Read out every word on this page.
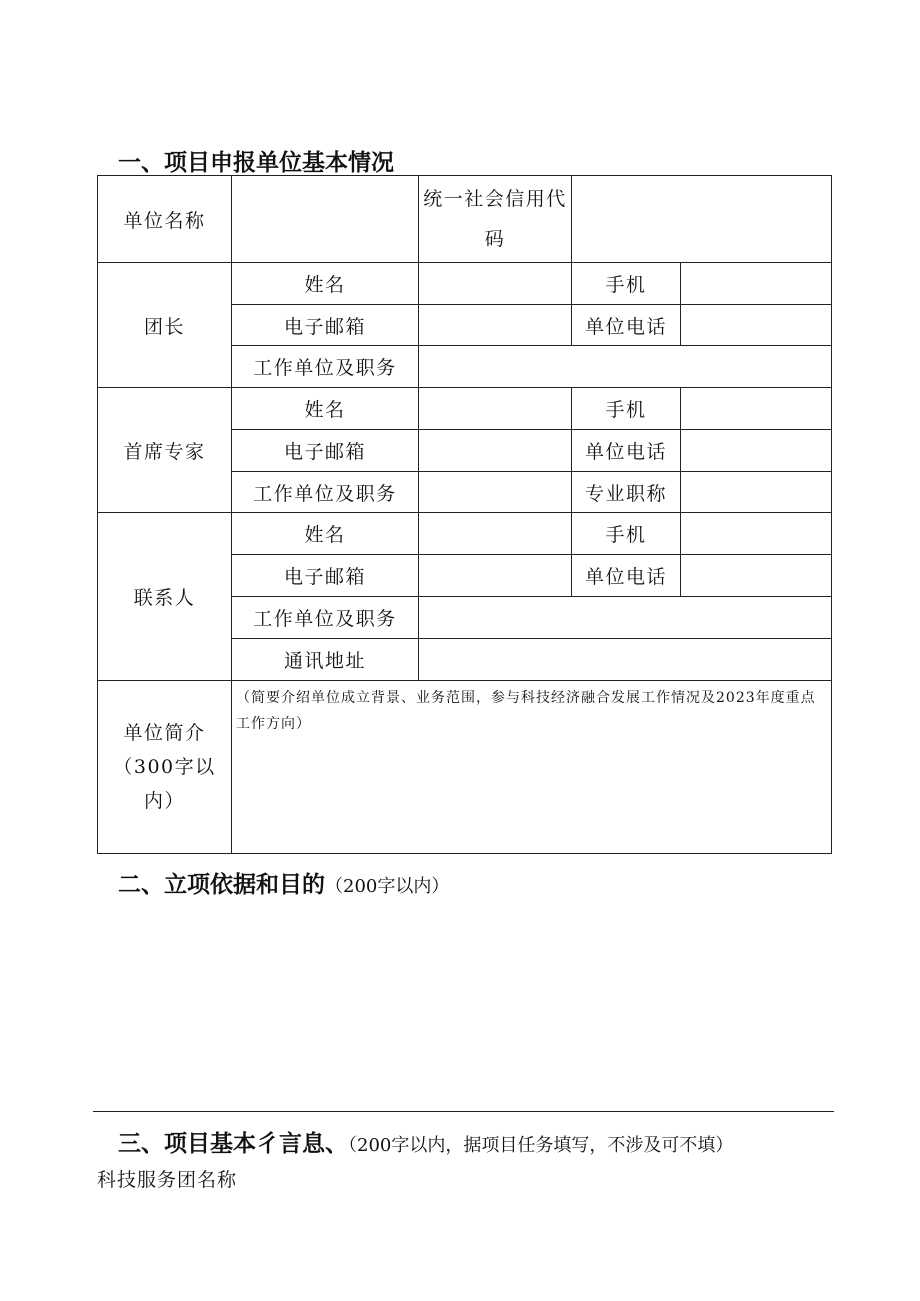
一、项目申报单位基本情况
单位名称		统一社会信用代码		
团长	姓名		手机	
	电子邮箱		单位电话	
	工作单位及职务			
首席专家	姓名		手机	
	电子邮箱		单位电话	
	工作单位及职务		专业职称	
联系人	姓名		手机	
	电子邮箱		单位电话	
	工作单位及职务			
	通讯地址			
单位简介（300字以内）	（简要介绍单位成立背景、业务范围，参与科技经济融合发展工作情况及2023年度重点工作方向）			
二、立项依据和目的（200字以内）
三、项目基本彳言息、（200字以内，据项目任务填写，不涉及可不填）
科技服务团名称
